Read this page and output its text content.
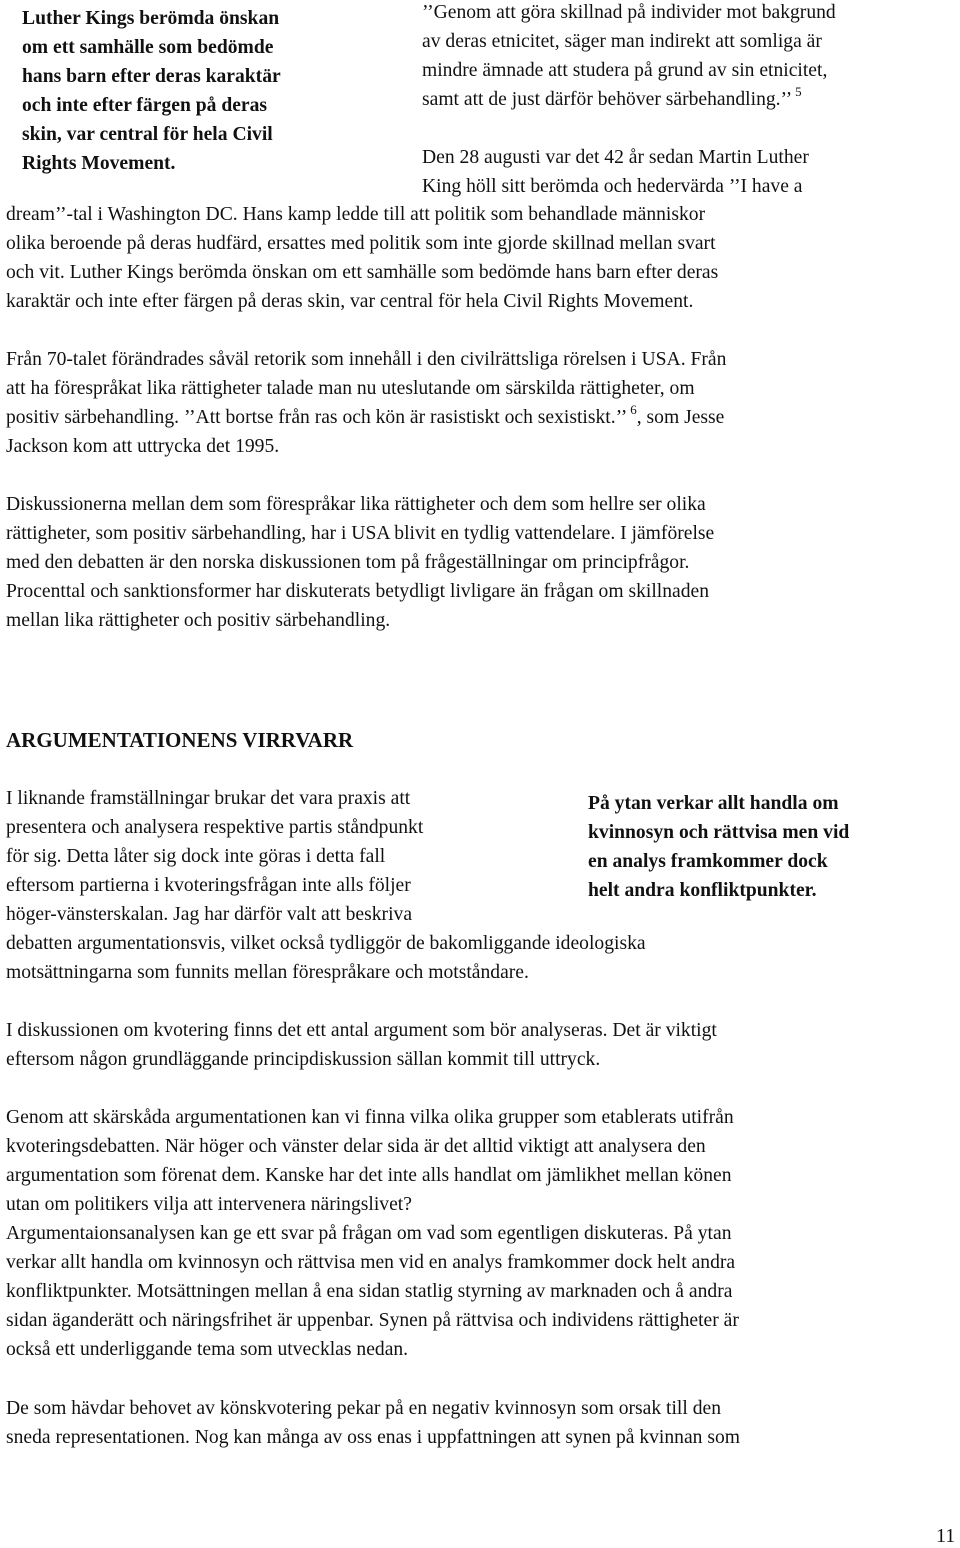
Luther Kings berömda önskan
om ett samhälle som bedömde
hans barn efter deras karaktär
och inte efter färgen på deras
skin, var central för hela Civil
Rights Movement.
’’Genom att göra skillnad på individer mot bakgrund
av deras etnicitet, säger man indirekt att somliga är
mindre ämnade att studera på grund av sin etnicitet,
samt att de just därför behöver särbehandling.’’ $^5$
Den 28 augusti var det 42 år sedan Martin Luther
King höll sitt berömda och hedervärda ’’I have a
dream’’-tal i Washington DC. Hans kamp ledde till att politik som behandlade människor
olika beroende på deras hudfärd, ersattes med politik som inte gjorde skillnad mellan svart
och vit. Luther Kings berömda önskan om ett samhälle som bedömde hans barn efter deras
karaktär och inte efter färgen på deras skin, var central för hela Civil Rights Movement.
Från 70-talet förändrades såväl retorik som innehåll i den civilrättsliga rörelsen i USA. Från
att ha förespråkat lika rättigheter talade man nu uteslutande om särskilda rättigheter, om
positiv särbehandling. ’’Att bortse från ras och kön är rasistiskt och sexistiskt.’’ $^6$, som Jesse
Jackson kom att uttrycka det 1995.
Diskussionerna mellan dem som förespråkar lika rättigheter och dem som hellre ser olika
rättigheter, som positiv särbehandling, har i USA blivit en tydlig vattendelare. I jämförelse
med den debatten är den norska diskussionen tom på frågeställningar om principfrågor.
Procenttal och sanktionsformer har diskuterats betydligt livligare än frågan om skillnaden
mellan lika rättigheter och positiv särbehandling.
ARGUMENTATIONENS VIRRVARR
I liknande framställningar brukar det vara praxis att
presentera och analysera respektive partis ståndpunkt
för sig. Detta låter sig dock inte göras i detta fall
eftersom partierna i kvoteringsfrågan inte alls följer
höger-vänsterskalan. Jag har därför valt att beskriva
debatten argumentationsvis, vilket också tydliggör de bakomliggande ideologiska
motsättningarna som funnits mellan förespråkare och motståndare.
På ytan verkar allt handla om
kvinnosyn och rättvisa men vid
en analys framkommer dock
helt andra konfliktpunkter.
I diskussionen om kvotering finns det ett antal argument som bör analyseras. Det är viktigt
eftersom någon grundläggande principdiskussion sällan kommit till uttryck.
Genom att skärskåda argumentationen kan vi finna vilka olika grupper som etablerats utifrån
kvoteringsdebatten. När höger och vänster delar sida är det alltid viktigt att analysera den
argumentation som förenat dem. Kanske har det inte alls handlat om jämlikhet mellan könen
utan om politikers vilja att intervenera näringslivet?
Argumentaionsanalysen kan ge ett svar på frågan om vad som egentligen diskuteras. På ytan
verkar allt handla om kvinnosyn och rättvisa men vid en analys framkommer dock helt andra
konfliktpunkter. Motsättningen mellan å ena sidan statlig styrning av marknaden och å andra
sidan äganderätt och näringsfrihet är uppenbar. Synen på rättvisa och individens rättigheter är
också ett underliggande tema som utvecklas nedan.
De som hävdar behovet av könskvotering pekar på en negativ kvinnosyn som orsak till den
sneda representationen. Nog kan många av oss enas i uppfattningen att synen på kvinnan som
11
